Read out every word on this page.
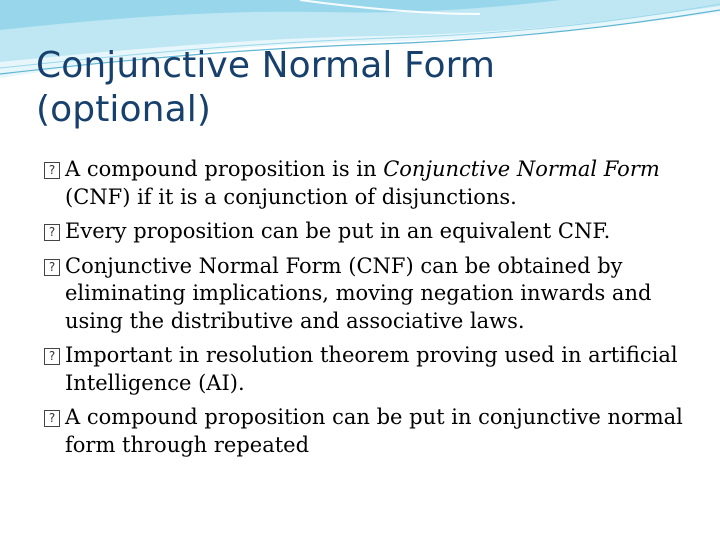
Conjunctive Normal Form
(optional)
? A compound proposition is in Conjunctive Normal Form (CNF) if it is a conjunction of disjunctions.
? Every proposition can be put in an equivalent CNF.
? Conjunctive Normal Form (CNF) can be obtained by eliminating implications, moving negation inwards and using the distributive and associative laws.
? Important in resolution theorem proving used in artificial Intelligence (AI).
? A compound proposition can be put in conjunctive normal form through repeated
